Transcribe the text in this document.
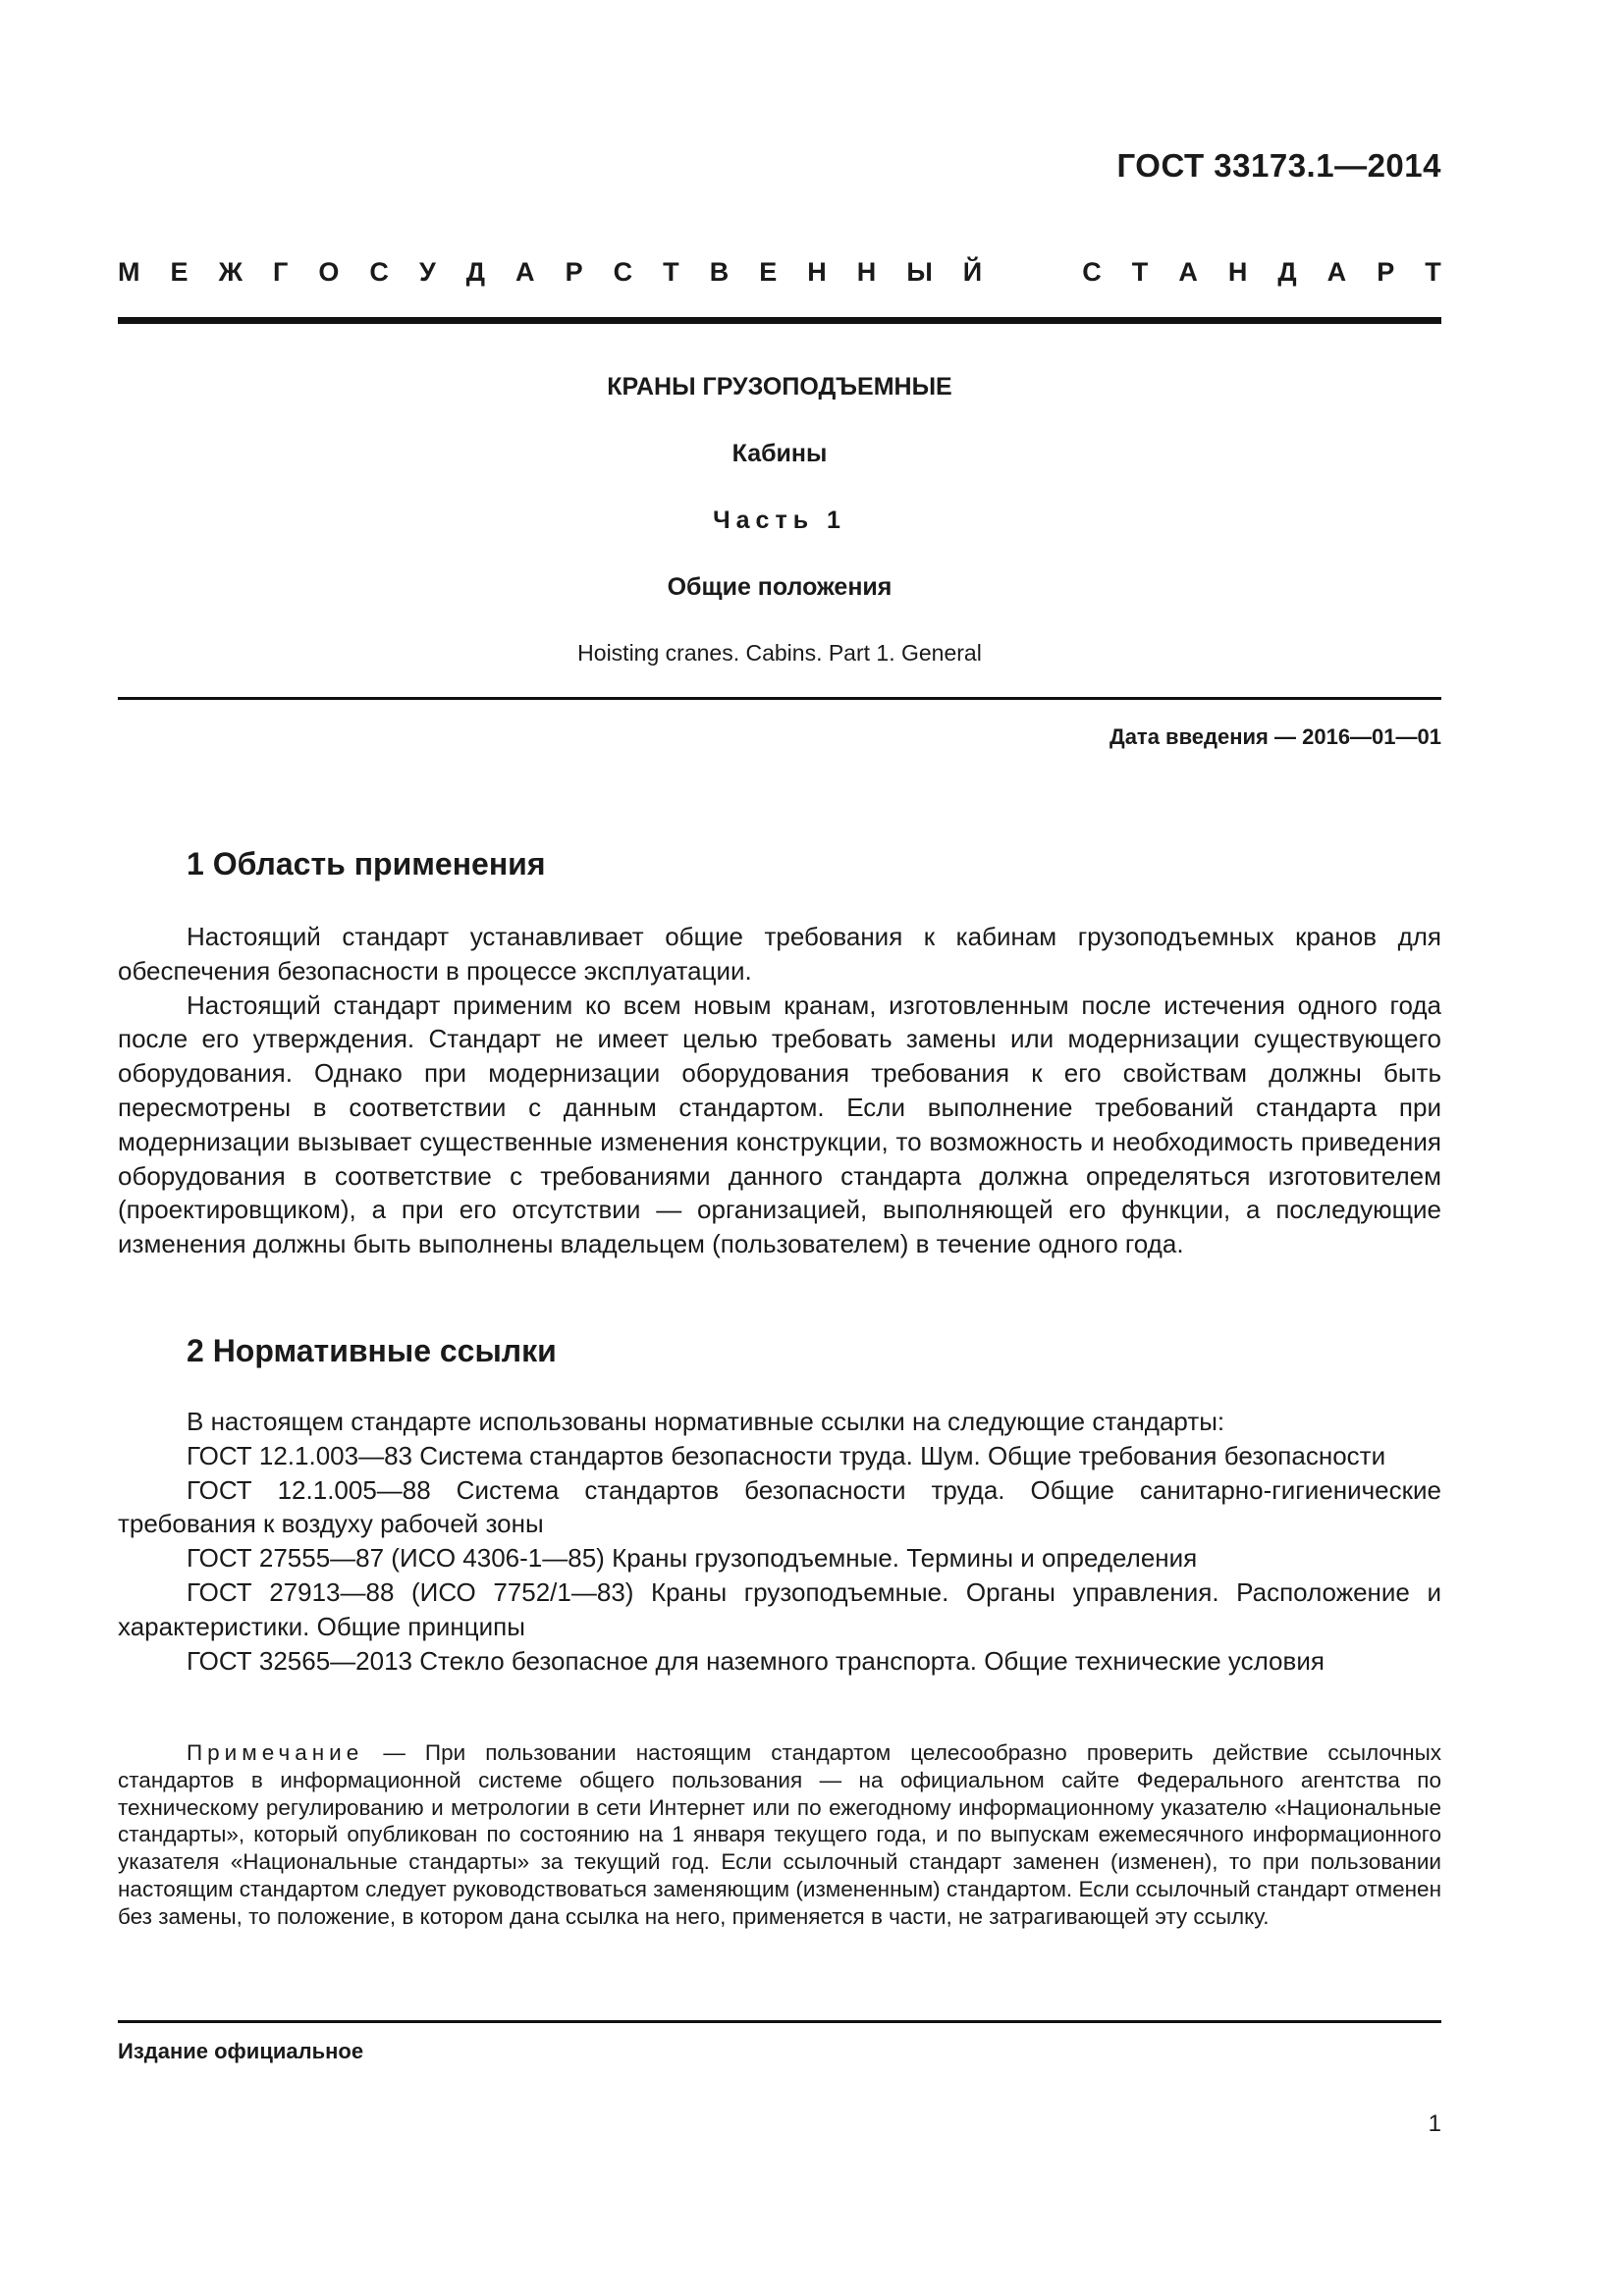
ГОСТ 33173.1—2014
М Е Ж Г О С У Д А Р С Т В Е Н Н Ы Й	С Т А Н Д А Р Т
КРАНЫ ГРУЗОПОДЪЕМНЫЕ
Кабины
Часть 1
Общие положения
Hoisting cranes. Cabins. Part 1. General
Дата введения — 2016—01—01
1 Область применения

Настоящий стандарт устанавливает общие требования к кабинам грузоподъемных кранов для обеспечения безопасности в процессе эксплуатации.

Настоящий стандарт применим ко всем новым кранам, изготовленным после истечения одного года после его утверждения. Стандарт не имеет целью требовать замены или модернизации существующего оборудования. Однако при модернизации оборудования требования к его свойствам должны быть пересмотрены в соответствии с данным стандартом. Если выполнение требований стандарта при модернизации вызывает существенные изменения конструкции, то возможность и необходимость приведения оборудования в соответствие с требованиями данного стандарта должна определяться изготовителем (проектировщиком), а при его отсутствии — организацией, выполняющей его функции, а последующие изменения должны быть выполнены владельцем (пользователем) в течение одного года.

2 Нормативные ссылки

В настоящем стандарте использованы нормативные ссылки на следующие стандарты:

ГОСТ 12.1.003—83 Система стандартов безопасности труда. Шум. Общие требования безопасности

ГОСТ 12.1.005—88 Система стандартов безопасности труда. Общие санитарно-гигиенические требования к воздуху рабочей зоны

ГОСТ 27555—87 (ИСО 4306-1—85) Краны грузоподъемные. Термины и определения

ГОСТ 27913—88 (ИСО 7752/1—83) Краны грузоподъемные. Органы управления. Расположение и характеристики. Общие принципы

ГОСТ 32565—2013 Стекло безопасное для наземного транспорта. Общие технические условия

Примечание — При пользовании настоящим стандартом целесообразно проверить действие ссылочных стандартов в информационной системе общего пользования — на официальном сайте Федерального агентства по техническому регулированию и метрологии в сети Интернет или по ежегодному информационному указателю «Национальные стандарты», который опубликован по состоянию на 1 января текущего года, и по выпускам ежемесячного информационного указателя «Национальные стандарты» за текущий год. Если ссылочный стандарт заменен (изменен), то при пользовании настоящим стандартом следует руководствоваться заменяющим (измененным) стандартом. Если ссылочный стандарт отменен без замены, то положение, в котором дана ссылка на него, применяется в части, не затрагивающей эту ссылку.

Издание официальное
1
